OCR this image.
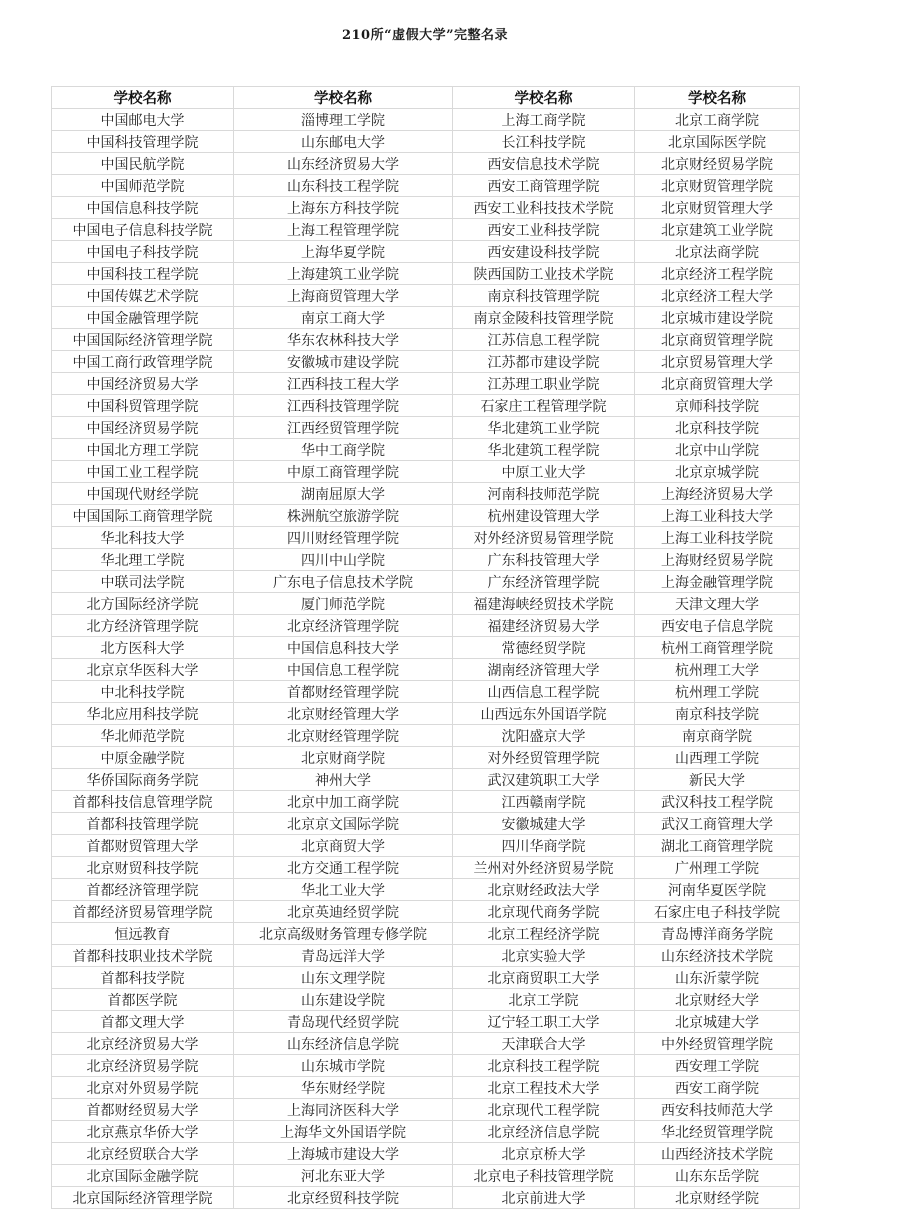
210所“虚假大学”完整名录
学校名称	学校名称	学校名称	学校名称
中国邮电大学	淄博理工学院	上海工商学院	北京工商学院
中国科技管理学院	山东邮电大学	长江科技学院	北京国际医学院
中国民航学院	山东经济贸易大学	西安信息技术学院	北京财经贸易学院
中国师范学院	山东科技工程学院	西安工商管理学院	北京财贸管理学院
中国信息科技学院	上海东方科技学院	西安工业科技技术学院	北京财贸管理大学
中国电子信息科技学院	上海工程管理学院	西安工业科技学院	北京建筑工业学院
中国电子科技学院	上海华夏学院	西安建设科技学院	北京法商学院
中国科技工程学院	上海建筑工业学院	陕西国防工业技术学院	北京经济工程学院
中国传媒艺术学院	上海商贸管理大学	南京科技管理学院	北京经济工程大学
中国金融管理学院	南京工商大学	南京金陵科技管理学院	北京城市建设学院
中国国际经济管理学院	华东农林科技大学	江苏信息工程学院	北京商贸管理学院
中国工商行政管理学院	安徽城市建设学院	江苏都市建设学院	北京贸易管理大学
中国经济贸易大学	江西科技工程大学	江苏理工职业学院	北京商贸管理大学
中国科贸管理学院	江西科技管理学院	石家庄工程管理学院	京师科技学院
中国经济贸易学院	江西经贸管理学院	华北建筑工业学院	北京科技学院
中国北方理工学院	华中工商学院	华北建筑工程学院	北京中山学院
中国工业工程学院	中原工商管理学院	中原工业大学	北京京城学院
中国现代财经学院	湖南屈原大学	河南科技师范学院	上海经济贸易大学
中国国际工商管理学院	株洲航空旅游学院	杭州建设管理大学	上海工业科技大学
华北科技大学	四川财经管理学院	对外经济贸易管理学院	上海工业科技学院
华北理工学院	四川中山学院	广东科技管理大学	上海财经贸易学院
中联司法学院	广东电子信息技术学院	广东经济管理学院	上海金融管理学院
北方国际经济学院	厦门师范学院	福建海峡经贸技术学院	天津文理大学
北方经济管理学院	北京经济管理学院	福建经济贸易大学	西安电子信息学院
北方医科大学	中国信息科技大学	常德经贸学院	杭州工商管理学院
北京京华医科大学	中国信息工程学院	湖南经济管理大学	杭州理工大学
中北科技学院	首都财经管理学院	山西信息工程学院	杭州理工学院
华北应用科技学院	北京财经管理大学	山西远东外国语学院	南京科技学院
华北师范学院	北京财经管理学院	沈阳盛京大学	南京商学院
中原金融学院	北京财商学院	对外经贸管理学院	山西理工学院
华侨国际商务学院	神州大学	武汉建筑职工大学	新民大学
首都科技信息管理学院	北京中加工商学院	江西赣南学院	武汉科技工程学院
首都科技管理学院	北京京文国际学院	安徽城建大学	武汉工商管理大学
首都财贸管理大学	北京商贸大学	四川华商学院	湖北工商管理学院
北京财贸科技学院	北方交通工程学院	兰州对外经济贸易学院	广州理工学院
首都经济管理学院	华北工业大学	北京财经政法大学	河南华夏医学院
首都经济贸易管理学院	北京英迪经贸学院	北京现代商务学院	石家庄电子科技学院
恒远教育	北京高级财务管理专修学院	北京工程经济学院	青岛博洋商务学院
首都科技职业技术学院	青岛远洋大学	北京实验大学	山东经济技术学院
首都科技学院	山东文理学院	北京商贸职工大学	山东沂蒙学院
首都医学院	山东建设学院	北京工学院	北京财经大学
首都文理大学	青岛现代经贸学院	辽宁轻工职工大学	北京城建大学
北京经济贸易大学	山东经济信息学院	天津联合大学	中外经贸管理学院
北京经济贸易学院	山东城市学院	北京科技工程学院	西安理工学院
北京对外贸易学院	华东财经学院	北京工程技术大学	西安工商学院
首都财经贸易大学	上海同济医科大学	北京现代工程学院	西安科技师范大学
北京燕京华侨大学	上海华文外国语学院	北京经济信息学院	华北经贸管理学院
北京经贸联合大学	上海城市建设大学	北京京桥大学	山西经济技术学院
北京国际金融学院	河北东亚大学	北京电子科技管理学院	山东东岳学院
北京国际经济管理学院	北京经贸科技学院	北京前进大学	北京财经学院
